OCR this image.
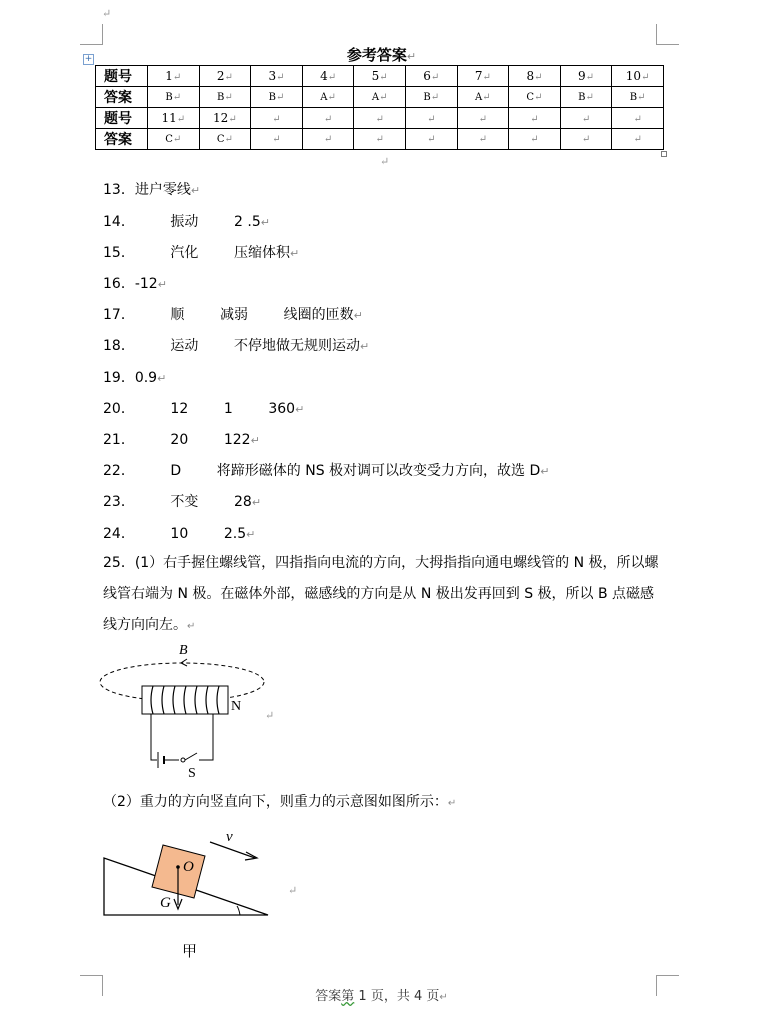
↵
参考答案↵
+
题号	1↵	2↵	3↵	4↵	5↵	6↵	7↵	8↵	9↵	10↵
答案	B↵	B↵	B↵	A↵	A↵	B↵	A↵	C↵	B↵	B↵
题号	11↵	12↵	↵	↵	↵	↵	↵	↵	↵	↵
答案	C↵	C↵	↵	↵	↵	↵	↵	↵	↵	↵
↵
13．进户零线↵
14．        振动        2 .5↵
15．        汽化        压缩体积↵
16．-12↵
17．        顺        减弱        线圈的匝数↵
18．        运动        不停地做无规则运动↵
19．0.9↵
20．        12        1        360↵
21．        20        122↵
22．        D        将蹄形磁体的 NS 极对调可以改变受力方向，故选 D↵
23．        不变        28↵
24．        10        2.5↵
25．(1）右手握住螺线管，四指指向电流的方向，大拇指指向通电螺线管的 N 极，所以螺线管右端为 N 极。在磁体外部，磁感线的方向是从 N 极出发再回到 S 极，所以 B 点磁感线方向向左。↵
B
N
S
↵
（2）重力的方向竖直向下，则重力的示意图如图所示：↵
O
G
v
↵
甲
答案第 1 页，共 4 页↵
